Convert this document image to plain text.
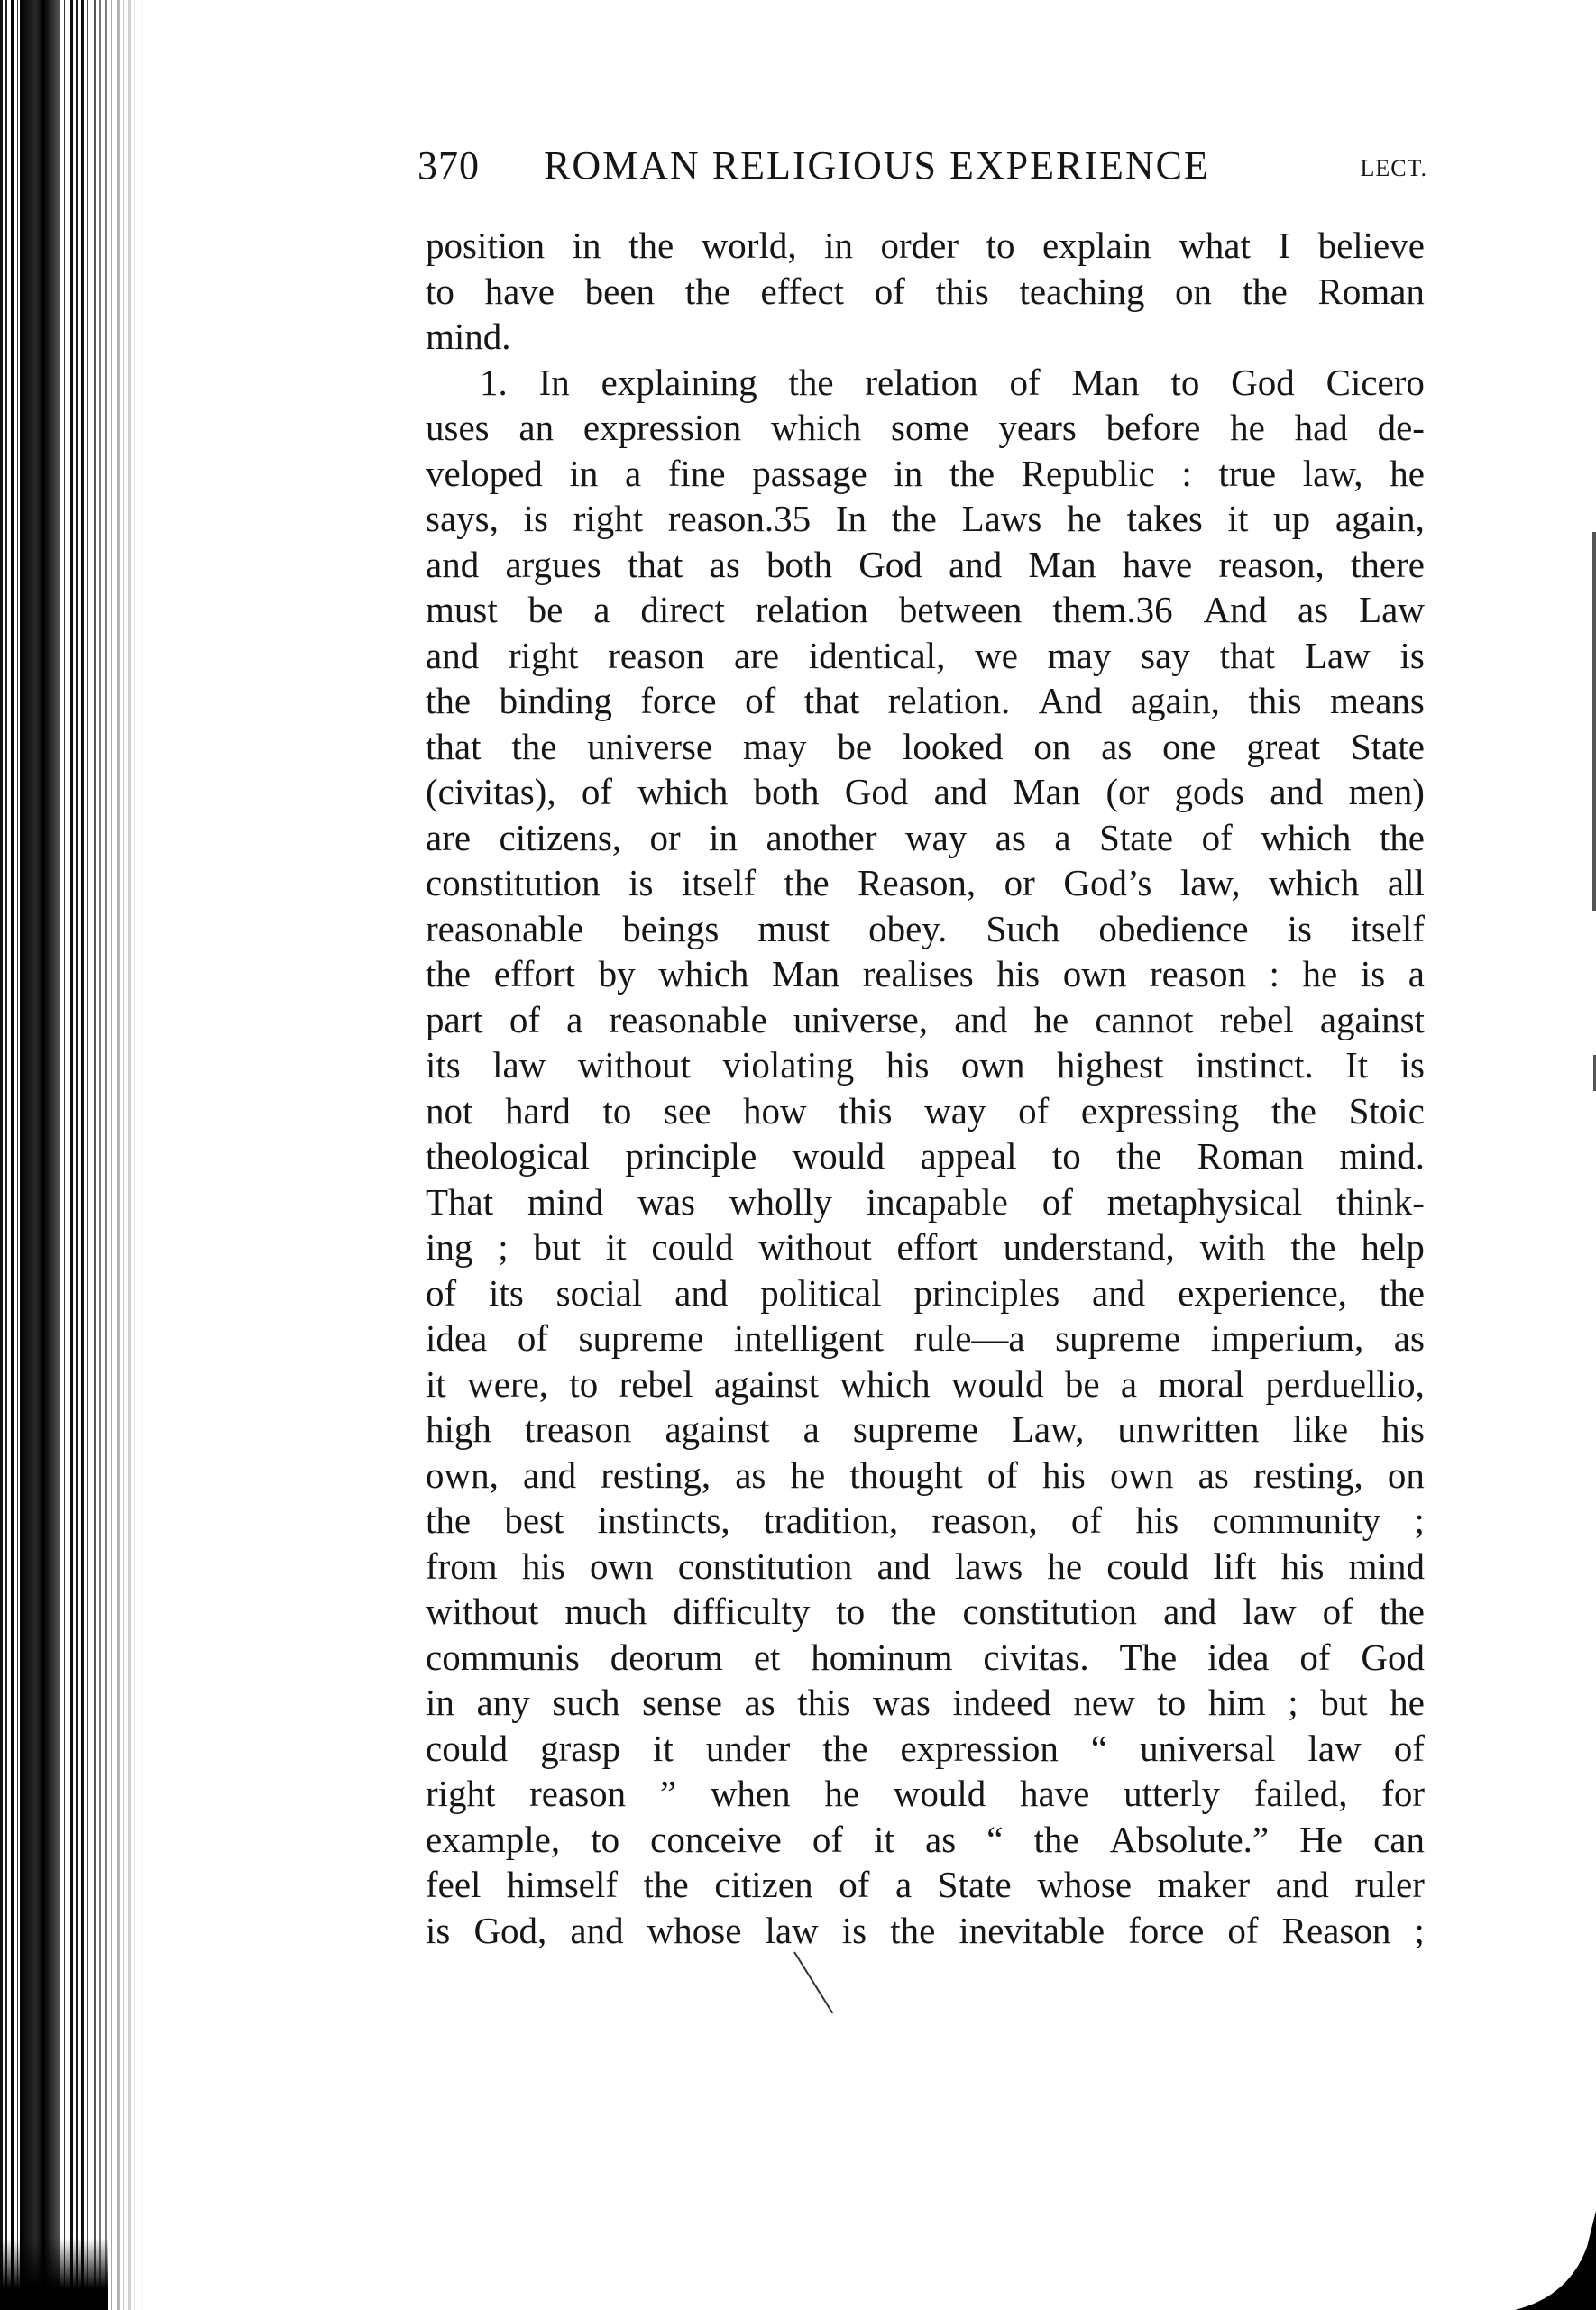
370 ROMAN RELIGIOUS EXPERIENCE	LECT.
position in the world, in order to explain what I believe
to have been the effect of this teaching on the Roman
mind.
1. In explaining the relation of Man to God Cicero
uses an expression which some years before he had de-
veloped in a fine passage in the Republic : true law, he
says, is right reason.35 In the Laws he takes it up again,
and argues that as both God and Man have reason, there
must be a direct relation between them.36 And as Law
and right reason are identical, we may say that Law is
the binding force of that relation. And again, this means
that the universe may be looked on as one great State
(civitas), of which both God and Man (or gods and men)
are citizens, or in another way as a State of which the
constitution is itself the Reason, or God’s law, which all
reasonable beings must obey. Such obedience is itself
the effort by which Man realises his own reason : he is a
part of a reasonable universe, and he cannot rebel against
its law without violating his own highest instinct. It is
not hard to see how this way of expressing the Stoic
theological principle would appeal to the Roman mind.
That mind was wholly incapable of metaphysical think-
ing ; but it could without effort understand, with the help
of its social and political principles and experience, the
idea of supreme intelligent rule—a supreme imperium, as
it were, to rebel against which would be a moral perduellio,
high treason against a supreme Law, unwritten like his
own, and resting, as he thought of his own as resting, on
the best instincts, tradition, reason, of his community ;
from his own constitution and laws he could lift his mind
without much difficulty to the constitution and law of the
communis deorum et hominum civitas. The idea of God
in any such sense as this was indeed new to him ; but he
could grasp it under the expression “ universal law of
right reason ” when he would have utterly failed, for
example, to conceive of it as “ the Absolute.” He can
feel himself the citizen of a State whose maker and ruler
is God, and whose law is the inevitable force of Reason ;
